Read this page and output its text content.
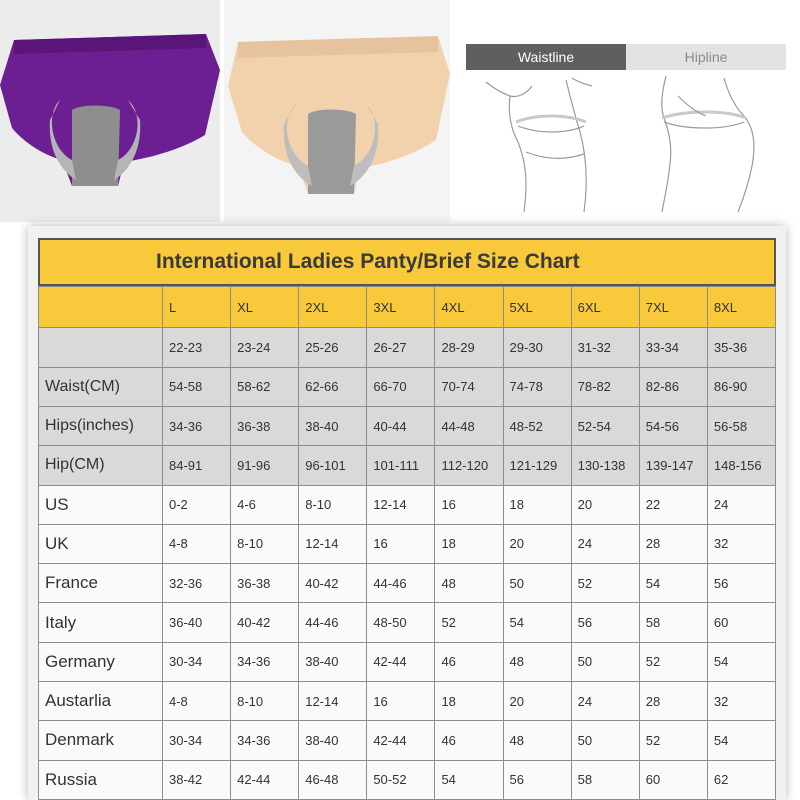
Waistline	Hipline
International Ladies Panty/Brief Size Chart
	L	XL	2XL	3XL	4XL	5XL	6XL	7XL	8XL
	22-23	23-24	25-26	26-27	28-29	29-30	31-32	33-34	35-36
Waist(CM)	54-58	58-62	62-66	66-70	70-74	74-78	78-82	82-86	86-90
Hips(inches)	34-36	36-38	38-40	40-44	44-48	48-52	52-54	54-56	56-58
Hip(CM)	84-91	91-96	96-101	101-111	112-120	121-129	130-138	139-147	148-156
US	0-2	4-6	8-10	12-14	16	18	20	22	24
UK	4-8	8-10	12-14	16	18	20	24	28	32
France	32-36	36-38	40-42	44-46	48	50	52	54	56
Italy	36-40	40-42	44-46	48-50	52	54	56	58	60
Germany	30-34	34-36	38-40	42-44	46	48	50	52	54
Austarlia	4-8	8-10	12-14	16	18	20	24	28	32
Denmark	30-34	34-36	38-40	42-44	46	48	50	52	54
Russia	38-42	42-44	46-48	50-52	54	56	58	60	62
